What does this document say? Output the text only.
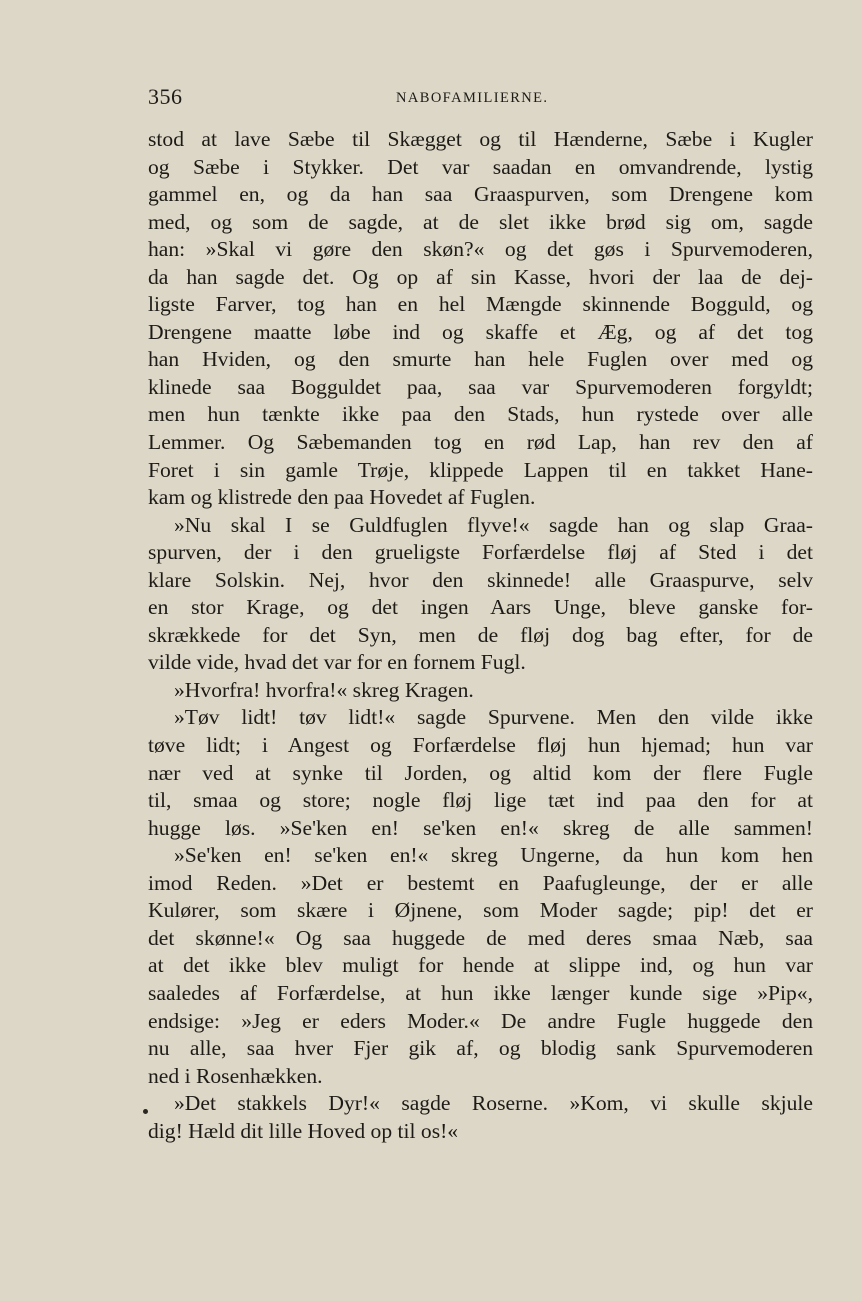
356	NABOFAMILIERNE.
stod at lave Sæbe til Skægget og til Hænderne, Sæbe i Kugler
og Sæbe i Stykker. Det var saadan en omvandrende, lystig
gammel en, og da han saa Graaspurven, som Drengene kom
med, og som de sagde, at de slet ikke brød sig om, sagde
han: »Skal vi gøre den skøn?« og det gøs i Spurvemoderen,
da han sagde det. Og op af sin Kasse, hvori der laa de dej-
ligste Farver, tog han en hel Mængde skinnende Bogguld, og
Drengene maatte løbe ind og skaffe et Æg, og af det tog
han Hviden, og den smurte han hele Fuglen over med og
klinede saa Bogguldet paa, saa var Spurvemoderen forgyldt;
men hun tænkte ikke paa den Stads, hun rystede over alle
Lemmer. Og Sæbemanden tog en rød Lap, han rev den af
Foret i sin gamle Trøje, klippede Lappen til en takket Hane-
kam og klistrede den paa Hovedet af Fuglen.
»Nu skal I se Guldfuglen flyve!« sagde han og slap Graa-
spurven, der i den grueligste Forfærdelse fløj af Sted i det
klare Solskin. Nej, hvor den skinnede! alle Graaspurve, selv
en stor Krage, og det ingen Aars Unge, bleve ganske for-
skrækkede for det Syn, men de fløj dog bag efter, for de
vilde vide, hvad det var for en fornem Fugl.
»Hvorfra! hvorfra!« skreg Kragen.
»Tøv lidt! tøv lidt!« sagde Spurvene. Men den vilde ikke
tøve lidt; i Angest og Forfærdelse fløj hun hjemad; hun var
nær ved at synke til Jorden, og altid kom der flere Fugle
til, smaa og store; nogle fløj lige tæt ind paa den for at
hugge løs. »Se'ken en! se'ken en!« skreg de alle sammen!
»Se'ken en! se'ken en!« skreg Ungerne, da hun kom hen
imod Reden. »Det er bestemt en Paafugleunge, der er alle
Kulører, som skære i Øjnene, som Moder sagde; pip! det er
det skønne!« Og saa huggede de med deres smaa Næb, saa
at det ikke blev muligt for hende at slippe ind, og hun var
saaledes af Forfærdelse, at hun ikke længer kunde sige »Pip«,
endsige: »Jeg er eders Moder.« De andre Fugle huggede den
nu alle, saa hver Fjer gik af, og blodig sank Spurvemoderen
ned i Rosenhækken.
»Det stakkels Dyr!« sagde Roserne. »Kom, vi skulle skjule
dig! Hæld dit lille Hoved op til os!«
